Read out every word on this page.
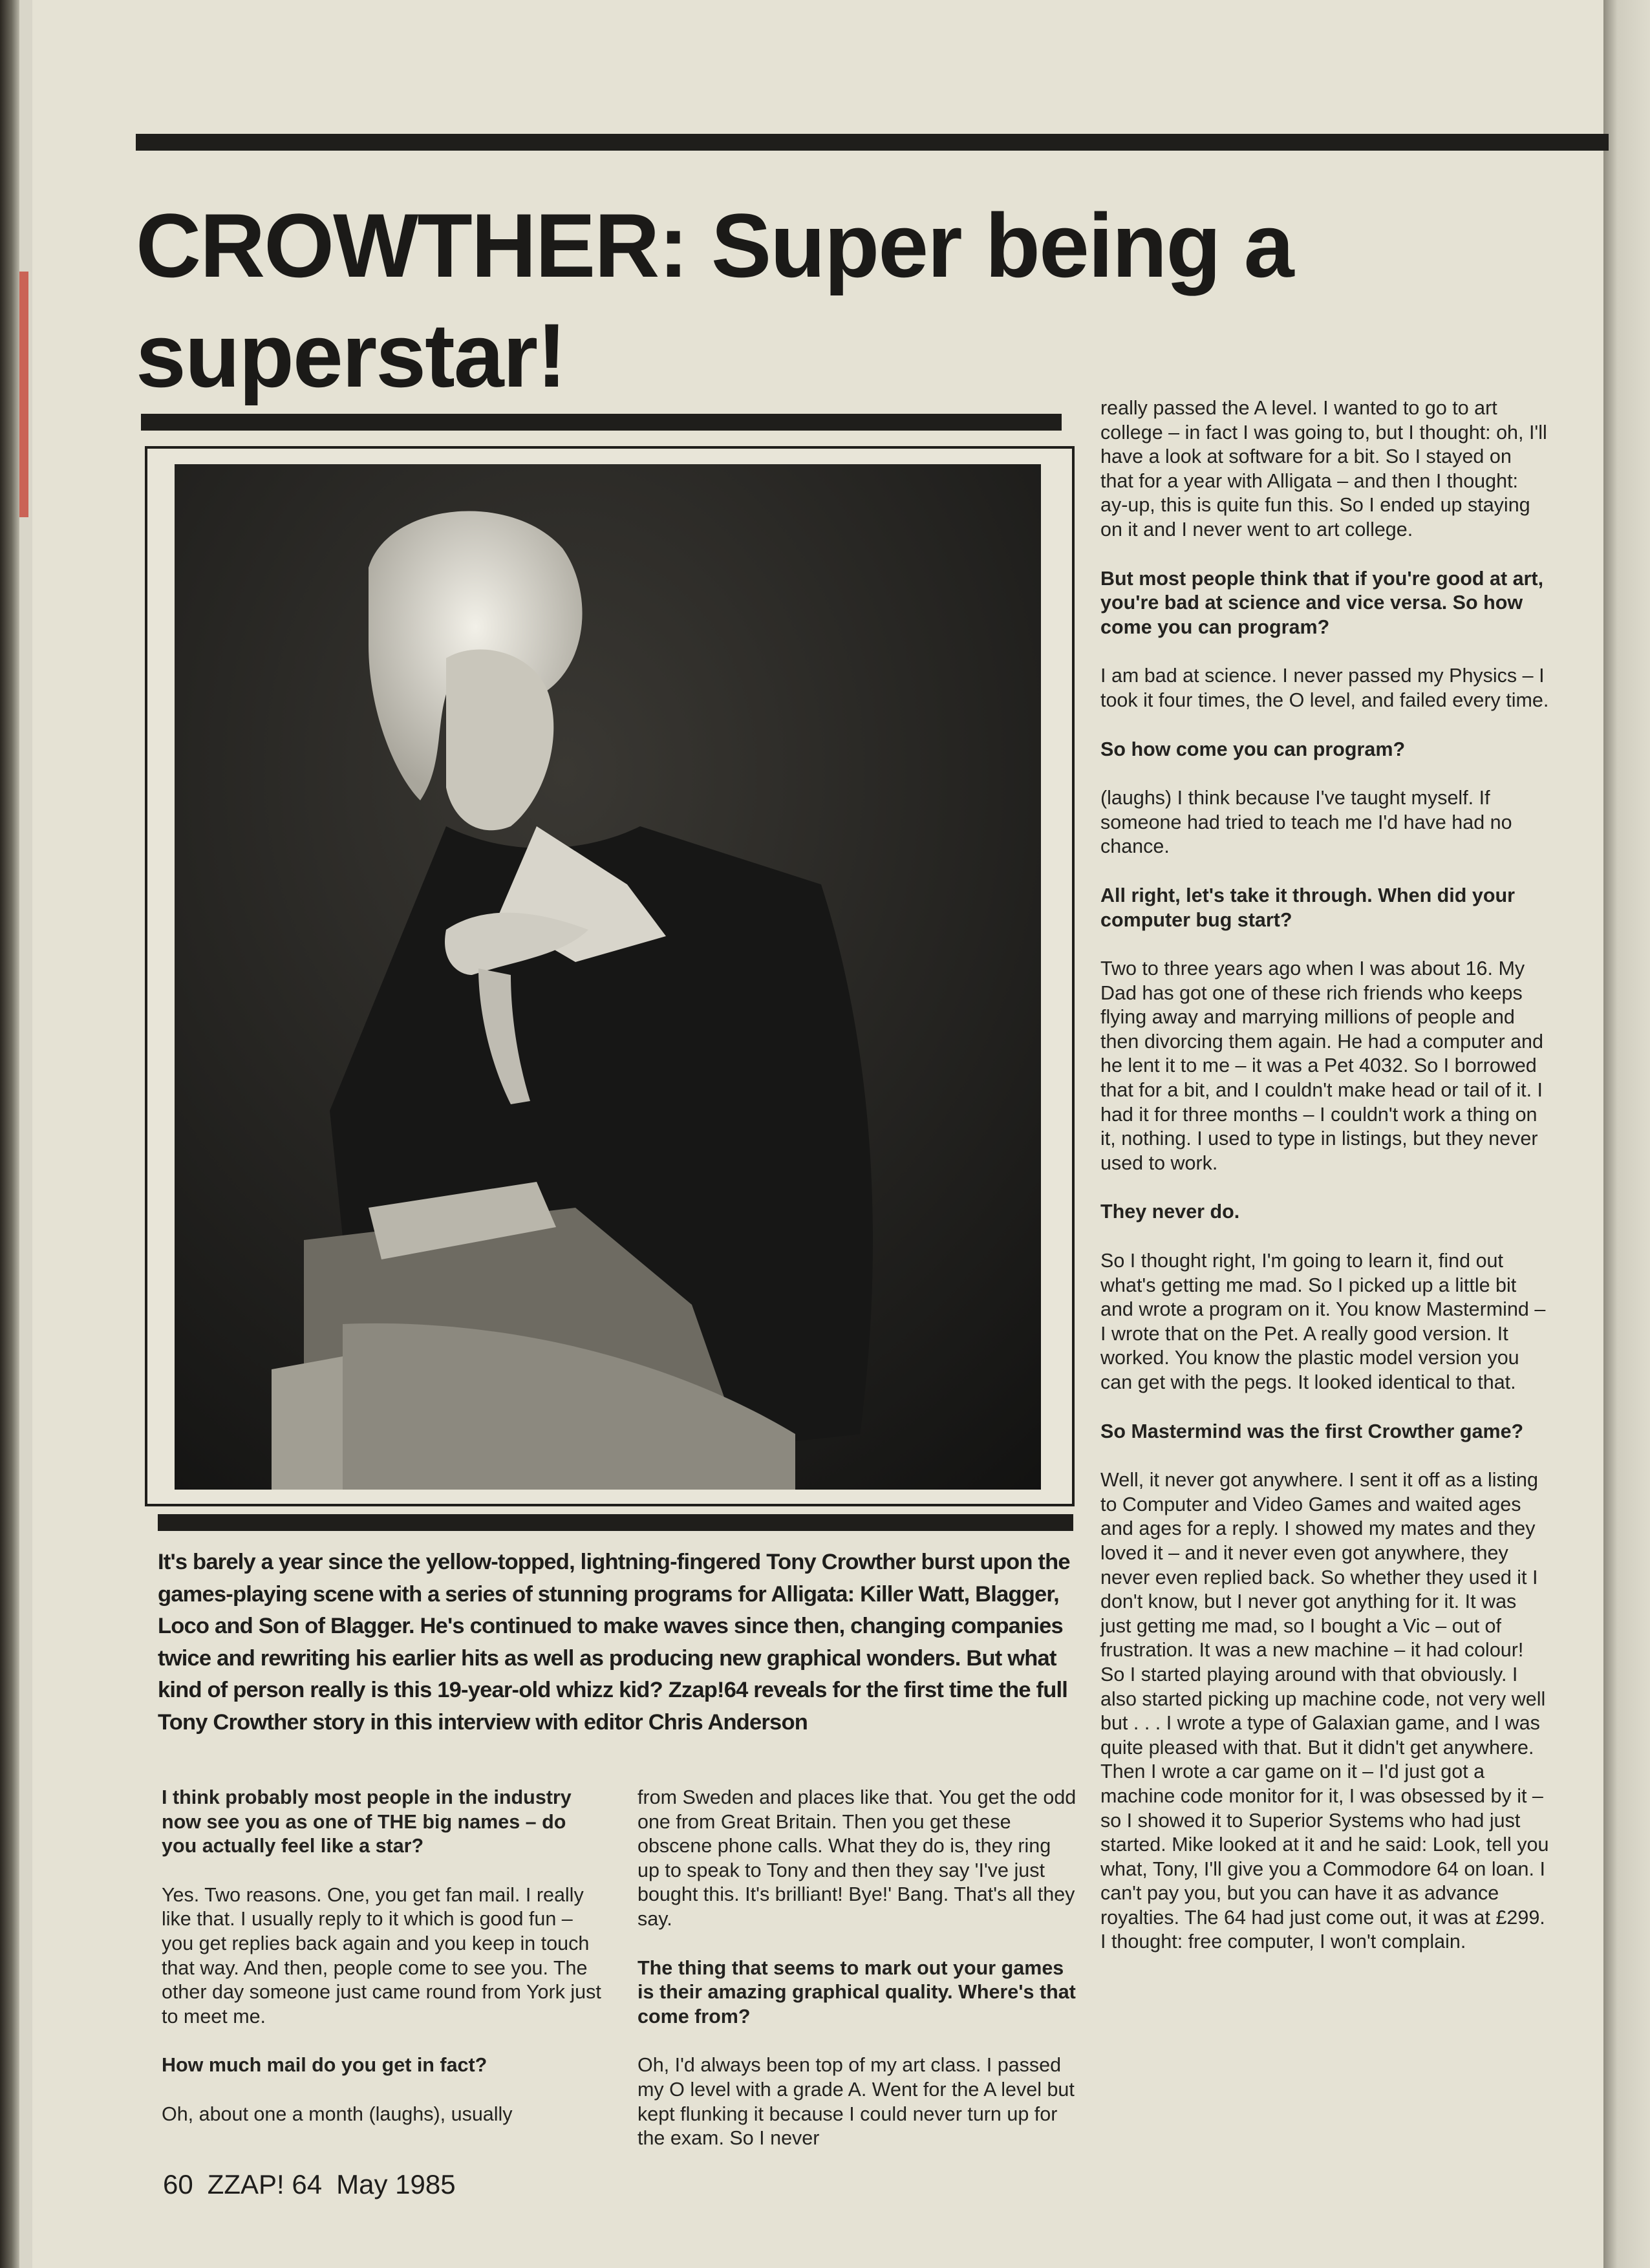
CROWTHER: Super being a superstar!

It's barely a year since the yellow-topped, lightning-fingered Tony Crowther burst upon the games-playing scene with a series of stunning programs for Alligata: Killer Watt, Blagger, Loco and Son of Blagger. He's continued to make waves since then, changing companies twice and rewriting his earlier hits as well as producing new graphical wonders. But what kind of person really is this 19-year-old whizz kid? Zzap!64 reveals for the first time the full Tony Crowther story in this interview with editor Chris Anderson

I think probably most people in the industry now see you as one of THE big names – do you actually feel like a star?

Yes. Two reasons. One, you get fan mail. I really like that. I usually reply to it which is good fun – you get replies back again and you keep in touch that way. And then, people come to see you. The other day someone just came round from York just to meet me.

How much mail do you get in fact?

Oh, about one a month (laughs), usually

from Sweden and places like that. You get the odd one from Great Britain. Then you get these obscene phone calls. What they do is, they ring up to speak to Tony and then they say 'I've just bought this. It's brilliant! Bye!' Bang. That's all they say.

The thing that seems to mark out your games is their amazing graphical quality. Where's that come from?

Oh, I'd always been top of my art class. I passed my O level with a grade A. Went for the A level but kept flunking it because I could never turn up for the exam. So I never

really passed the A level. I wanted to go to art college – in fact I was going to, but I thought: oh, I'll have a look at software for a bit. So I stayed on that for a year with Alligata – and then I thought: ay-up, this is quite fun this. So I ended up staying on it and I never went to art college.

But most people think that if you're good at art, you're bad at science and vice versa. So how come you can program?

I am bad at science. I never passed my Physics – I took it four times, the O level, and failed every time.

So how come you can program?

(laughs) I think because I've taught myself. If someone had tried to teach me I'd have had no chance.

All right, let's take it through. When did your computer bug start?

Two to three years ago when I was about 16. My Dad has got one of these rich friends who keeps flying away and marrying millions of people and then divorcing them again. He had a computer and he lent it to me – it was a Pet 4032. So I borrowed that for a bit, and I couldn't make head or tail of it. I had it for three months – I couldn't work a thing on it, nothing. I used to type in listings, but they never used to work.

They never do.

So I thought right, I'm going to learn it, find out what's getting me mad. So I picked up a little bit and wrote a program on it. You know Mastermind – I wrote that on the Pet. A really good version. It worked. You know the plastic model version you can get with the pegs. It looked identical to that.

So Mastermind was the first Crowther game?

Well, it never got anywhere. I sent it off as a listing to Computer and Video Games and waited ages and ages for a reply. I showed my mates and they loved it – and it never even got anywhere, they never even replied back. So whether they used it I don't know, but I never got anything for it. It was just getting me mad, so I bought a Vic – out of frustration. It was a new machine – it had colour! So I started playing around with that obviously. I also started picking up machine code, not very well but . . . I wrote a type of Galaxian game, and I was quite pleased with that. But it didn't get anywhere. Then I wrote a car game on it – I'd just got a machine code monitor for it, I was obsessed by it – so I showed it to Superior Systems who had just started. Mike looked at it and he said: Look, tell you what, Tony, I'll give you a Commodore 64 on loan. I can't pay you, but you can have it as advance royalties. The 64 had just come out, it was at £299. I thought: free computer, I won't complain.

60 ZZAP! 64 May 1985
